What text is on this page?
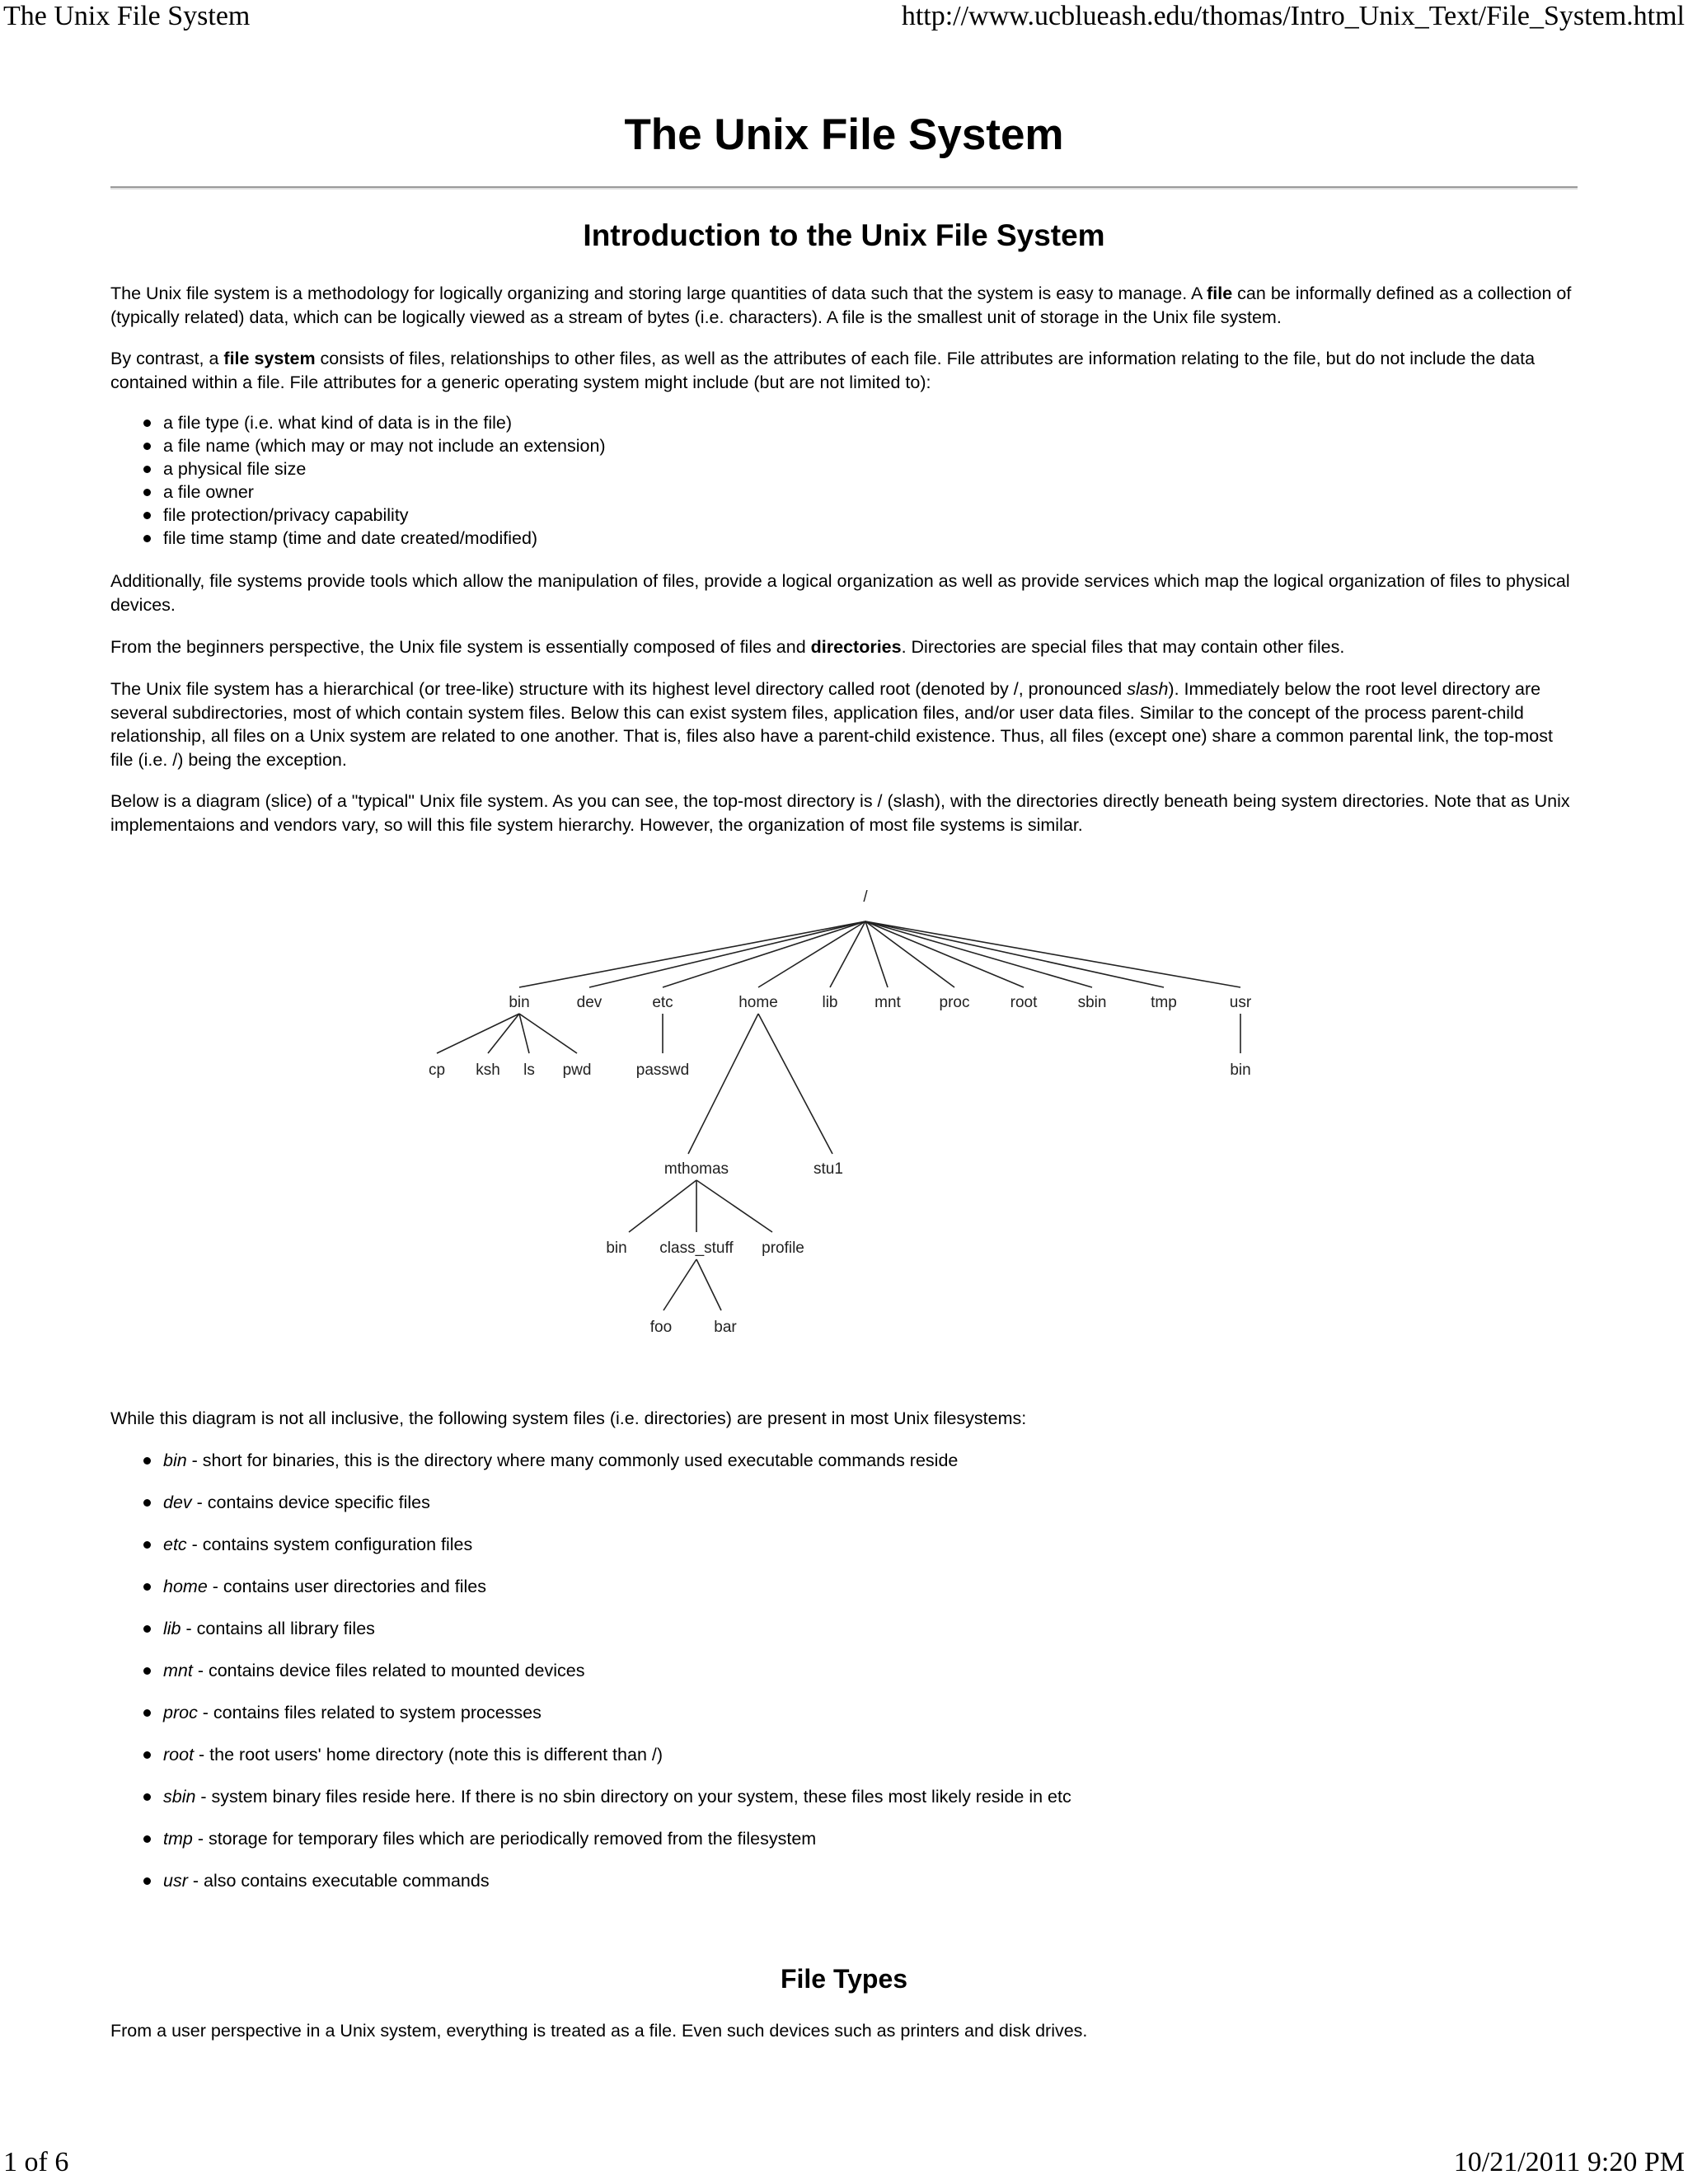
The Unix File System	http://www.ucblueash.edu/thomas/Intro_Unix_Text/File_System.html
The Unix File System
Introduction to the Unix File System

The Unix file system is a methodology for logically organizing and storing large quantities of data such that the system is easy to manage. A file can be informally defined as a collection of (typically related) data, which can be logically viewed as a stream of bytes (i.e. characters). A file is the smallest unit of storage in the Unix file system.

By contrast, a file system consists of files, relationships to other files, as well as the attributes of each file. File attributes are information relating to the file, but do not include the data contained within a file. File attributes for a generic operating system might include (but are not limited to):

a file type (i.e. what kind of data is in the file)
a file name (which may or may not include an extension)
a physical file size
a file owner
file protection/privacy capability
file time stamp (time and date created/modified)

Additionally, file systems provide tools which allow the manipulation of files, provide a logical organization as well as provide services which map the logical organization of files to physical devices.

From the beginners perspective, the Unix file system is essentially composed of files and directories. Directories are special files that may contain other files.

The Unix file system has a hierarchical (or tree-like) structure with its highest level directory called root (denoted by /, pronounced slash). Immediately below the root level directory are several subdirectories, most of which contain system files. Below this can exist system files, application files, and/or user data files. Similar to the concept of the process parent-child relationship, all files on a Unix system are related to one another. That is, files also have a parent-child existence. Thus, all files (except one) share a common parental link, the top-most file (i.e. /) being the exception.

Below is a diagram (slice) of a "typical" Unix file system. As you can see, the top-most directory is / (slash), with the directories directly beneath being system directories. Note that as Unix implementaions and vendors vary, so will this file system hierarchy. However, the organization of most file systems is similar.

While this diagram is not all inclusive, the following system files (i.e. directories) are present in most Unix filesystems:

bin - short for binaries, this is the directory where many commonly used executable commands reside
dev - contains device specific files
etc - contains system configuration files
home - contains user directories and files
lib - contains all library files
mnt - contains device files related to mounted devices
proc - contains files related to system processes
root - the root users' home directory (note this is different than /)
sbin - system binary files reside here. If there is no sbin directory on your system, these files most likely reside in etc
tmp - storage for temporary files which are periodically removed from the filesystem
usr - also contains executable commands
File Types

From a user perspective in a Unix system, everything is treated as a file. Even such devices such as printers and disk drives.

/
bin	dev	etc	home	lib mnt proc	root	sbin	tmp	usr
cp ksh ls pwd	passwd	bin
mthomas	stu1
bin class_stuff profile
foo	bar
1 of 6	10/21/2011 9:20 PM
